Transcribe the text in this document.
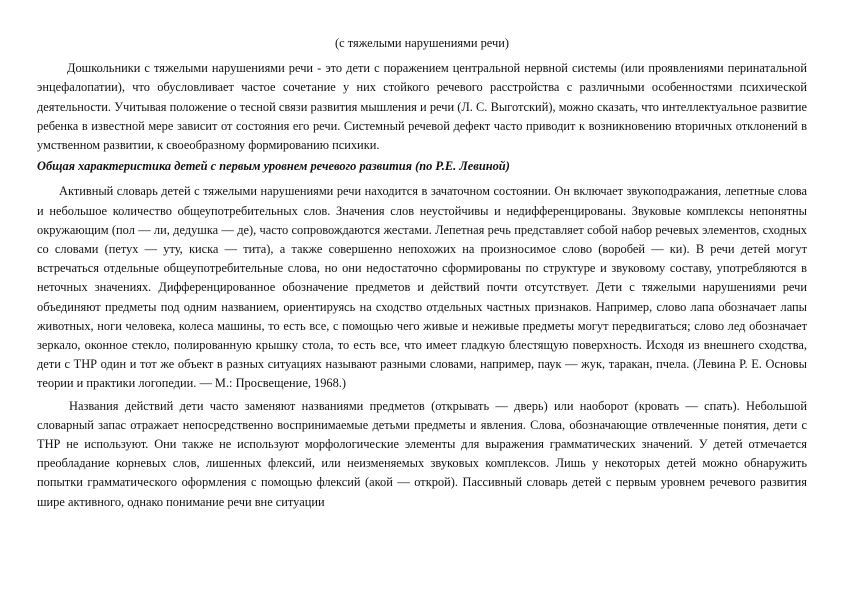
(с тяжелыми нарушениями речи)

Дошкольники с тяжелыми нарушениями речи - это дети с поражением центральной нервной системы (или проявлениями перинатальной энцефалопатии), что обусловливает частое сочетание у них стойкого речевого расстройства с различными особенностями психической деятельности. Учитывая положение о тесной связи развития мышления и речи (Л. С. Выготский), можно сказать, что интеллектуальное развитие ребенка в известной мере зависит от состояния его речи. Системный речевой дефект часто приводит к возникновению вторичных отклонений в умственном развитии, к своеобразному формированию психики.

Общая характеристика детей с первым уровнем речевого развития (по Р.Е. Левиной)

Активный словарь детей с тяжелыми нарушениями речи находится в зачаточном состоянии. Он включает звукоподражания, лепетные слова и небольшое количество общеупотребительных слов. Значения слов неустойчивы и недифференцированы. Звуковые комплексы непонятны окружающим (пол — ли, дедушка — де), часто сопровождаются жестами. Лепетная речь представляет собой набор речевых элементов, сходных со словами (петух — уту, киска — тита), а также совершенно непохожих на произносимое слово (воробей — ки). В речи детей могут встречаться отдельные общеупотребительные слова, но они недостаточно сформированы по структуре и звуковому составу, употребляются в неточных значениях. Дифференцированное обозначение предметов и действий почти отсутствует. Дети с тяжелыми нарушениями речи объединяют предметы под одним названием, ориентируясь на сходство отдельных частных признаков. Например, слово лапа обозначает лапы животных, ноги человека, колеса машины, то есть все, с помощью чего живые и неживые предметы могут передвигаться; слово лед обозначает зеркало, оконное стекло, полированную крышку стола, то есть все, что имеет гладкую блестящую поверхность. Исходя из внешнего сходства, дети с ТНР один и тот же объект в разных ситуациях называют разными словами, например, паук — жук, таракан, пчела. (Левина Р. Е. Основы теории и практики логопедии. — М.: Просвещение, 1968.)

Названия действий дети часто заменяют названиями предметов (открывать — дверь) или наоборот (кровать — спать). Небольшой словарный запас отражает непосредственно воспринимаемые детьми предметы и явления. Слова, обозначающие отвлеченные понятия, дети с ТНР не используют. Они также не используют морфологические элементы для выражения грамматических значений. У детей отмечается преобладание корневых слов, лишенных флексий, или неизменяемых звуковых комплексов. Лишь у некоторых детей можно обнаружить попытки грамматического оформления с помощью флексий (акой — открой). Пассивный словарь детей с первым уровнем речевого развития шире активного, однако понимание речи вне ситуации
